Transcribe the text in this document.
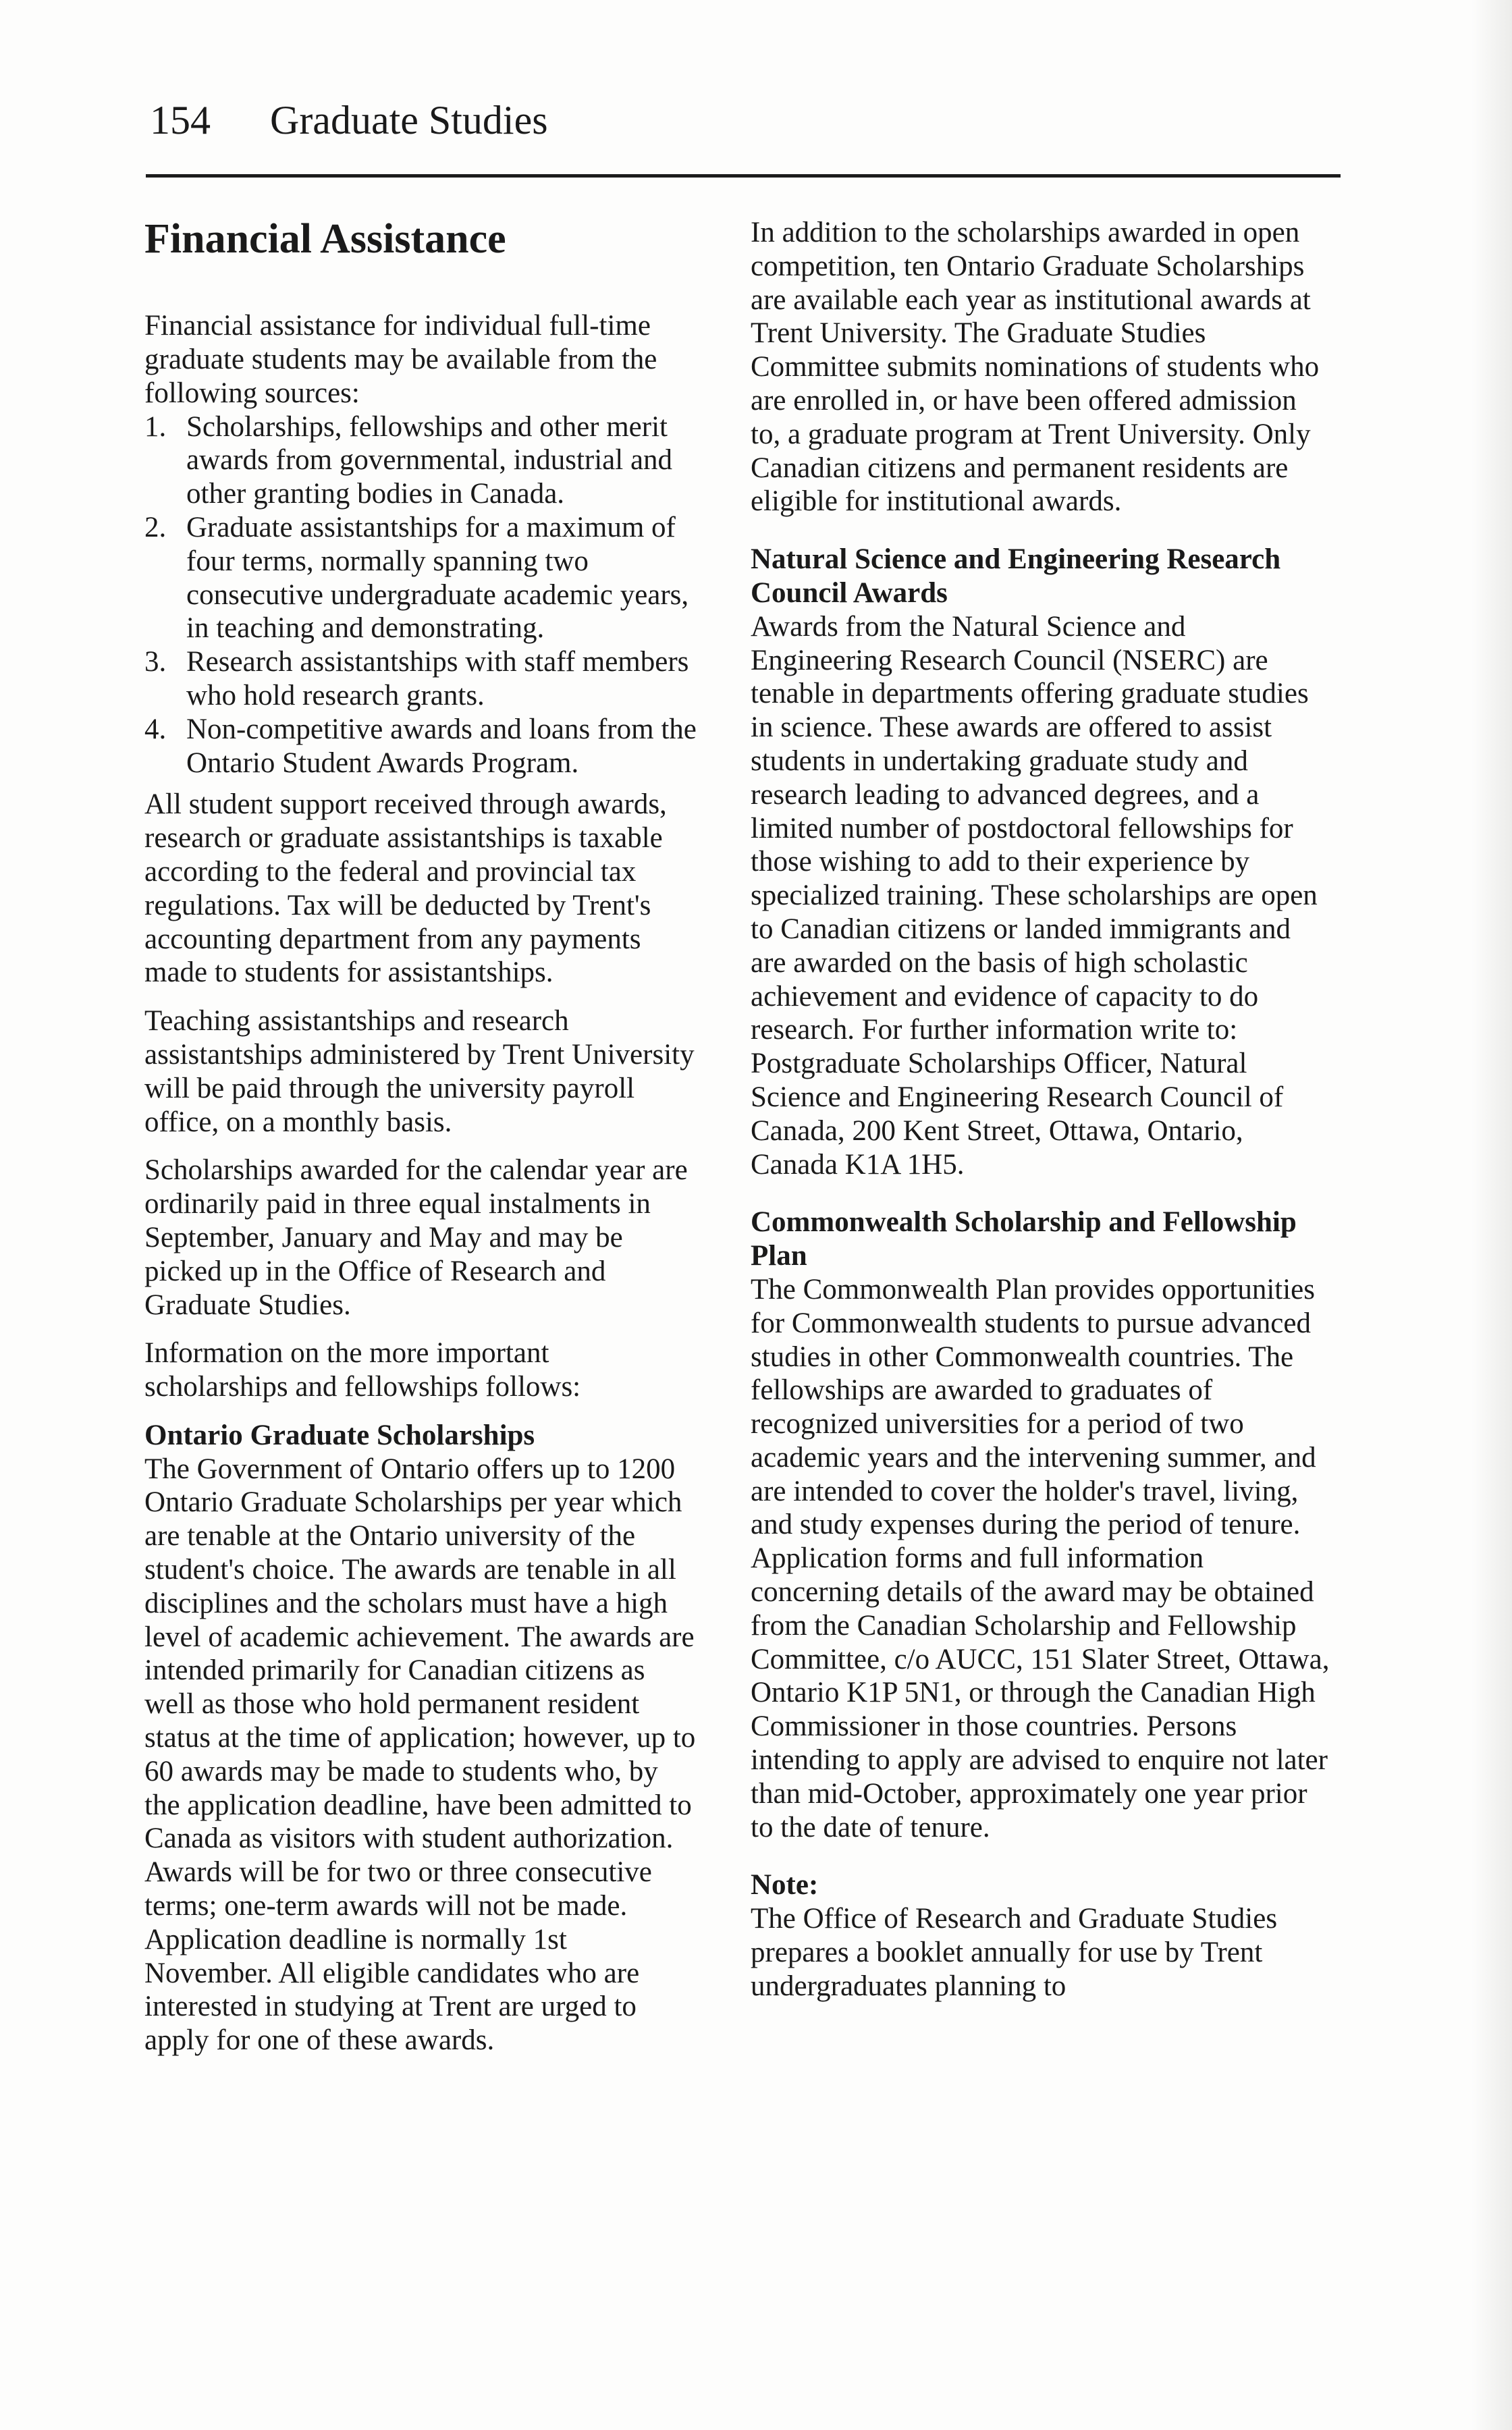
154 Graduate Studies
Financial Assistance

Financial assistance for individual full-time graduate students may be available from the following sources:

1. Scholarships, fellowships and other merit awards from governmental, industrial and other granting bodies in Canada.
2. Graduate assistantships for a maximum of four terms, normally spanning two consecutive undergraduate academic years, in teaching and demonstrating.
3. Research assistantships with staff members who hold research grants.
4. Non-competitive awards and loans from the Ontario Student Awards Program.

All student support received through awards, research or graduate assistantships is taxable according to the federal and provincial tax regulations. Tax will be deducted by Trent's accounting department from any payments made to students for assistantships.

Teaching assistantships and research assistantships administered by Trent University will be paid through the university payroll office, on a monthly basis.

Scholarships awarded for the calendar year are ordinarily paid in three equal instalments in September, January and May and may be picked up in the Office of Research and Graduate Studies.

Information on the more important scholarships and fellowships follows:

Ontario Graduate Scholarships

The Government of Ontario offers up to 1200 Ontario Graduate Scholarships per year which are tenable at the Ontario university of the student's choice. The awards are tenable in all disciplines and the scholars must have a high level of academic achievement. The awards are intended primarily for Canadian citizens as well as those who hold permanent resident status at the time of application; however, up to 60 awards may be made to students who, by the application deadline, have been admitted to Canada as visitors with student authorization. Awards will be for two or three consecutive terms; one-term awards will not be made. Application deadline is normally 1st November. All eligible candidates who are interested in studying at Trent are urged to apply for one of these awards.

In addition to the scholarships awarded in open competition, ten Ontario Graduate Scholarships are available each year as institutional awards at Trent University. The Graduate Studies Committee submits nominations of students who are enrolled in, or have been offered admission to, a graduate program at Trent University. Only Canadian citizens and permanent residents are eligible for institutional awards.

Natural Science and Engineering Research Council Awards

Awards from the Natural Science and Engineering Research Council (NSERC) are tenable in departments offering graduate studies in science. These awards are offered to assist students in undertaking graduate study and research leading to advanced degrees, and a limited number of postdoctoral fellowships for those wishing to add to their experience by specialized training. These scholarships are open to Canadian citizens or landed immigrants and are awarded on the basis of high scholastic achievement and evidence of capacity to do research. For further information write to: Postgraduate Scholarships Officer, Natural Science and Engineering Research Council of Canada, 200 Kent Street, Ottawa, Ontario, Canada K1A 1H5.

Commonwealth Scholarship and Fellowship Plan

The Commonwealth Plan provides opportunities for Commonwealth students to pursue advanced studies in other Commonwealth countries. The fellowships are awarded to graduates of recognized universities for a period of two academic years and the intervening summer, and are intended to cover the holder's travel, living, and study expenses during the period of tenure. Application forms and full information concerning details of the award may be obtained from the Canadian Scholarship and Fellowship Committee, c/o AUCC, 151 Slater Street, Ottawa, Ontario K1P 5N1, or through the Canadian High Commissioner in those countries. Persons intending to apply are advised to enquire not later than mid-October, approximately one year prior to the date of tenure.

Note:

The Office of Research and Graduate Studies prepares a booklet annually for use by Trent undergraduates planning to
